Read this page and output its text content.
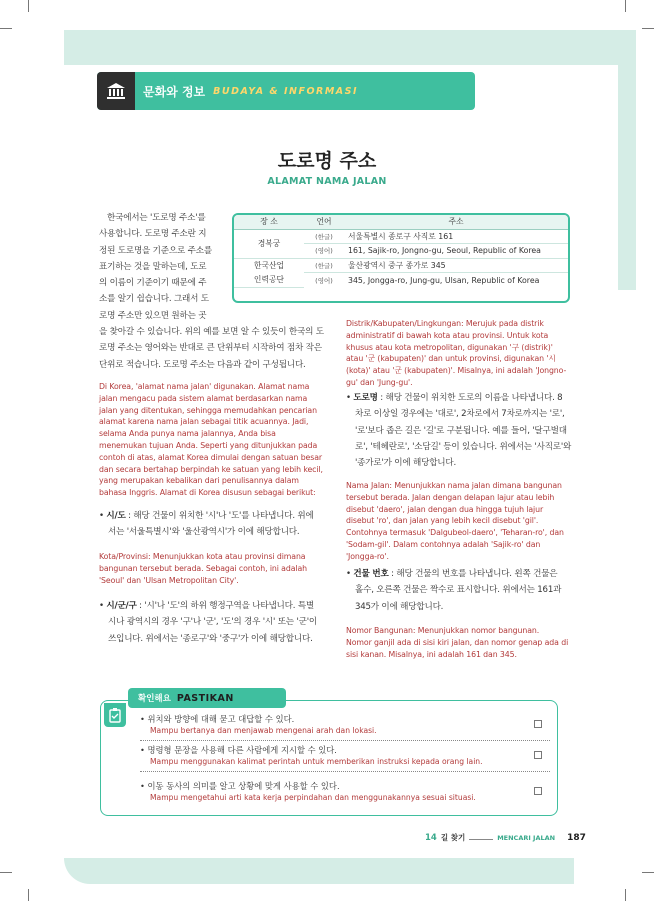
문화와 정보 BUDAYA & INFORMASI
도로명 주소
ALAMAT NAMA JALAN
한국에서는 '도로명 주소'를
사용합니다. 도로명 주소란 지
정된 도로명을 기준으로 주소를
표기하는 것을 말하는데, 도로
의 이름이 기준이기 때문에 주
소를 알기 쉽습니다. 그래서 도
로명 주소만 있으면 원하는 곳
장 소	언어	주소
경복궁	(한글)	서울특별시 종로구 사직로 161
	(영어)	161, Sajik-ro, Jongno-gu, Seoul, Republic of Korea
한국산업
인력공단	(한글)	울산광역시 중구 종가로 345
	(영어)	345, Jongga-ro, Jung-gu, Ulsan, Republic of Korea
을 찾아갈 수 있습니다. 위의 예를 보면 알 수 있듯이 한국의 도
로명 주소는 영어와는 반대로 큰 단위부터 시작하여 점차 작은
단위로 적습니다. 도로명 주소는 다음과 같이 구성됩니다.
Di Korea, 'alamat nama jalan' digunakan. Alamat nama
jalan mengacu pada sistem alamat berdasarkan nama
jalan yang ditentukan, sehingga memudahkan pencarian
alamat karena nama jalan sebagai titik acuannya. Jadi,
selama Anda punya nama jalannya, Anda bisa
menemukan tujuan Anda. Seperti yang ditunjukkan pada
contoh di atas, alamat Korea dimulai dengan satuan besar
dan secara bertahap berpindah ke satuan yang lebih kecil,
yang merupakan kebalikan dari penulisannya dalam
bahasa Inggris. Alamat di Korea disusun sebagai berikut:
• 시/도 : 해당 건물이 위치한 '시'나 '도'를 나타냅니다. 위에
서는 '서울특별시'와 '울산광역시'가 이에 해당합니다.
Kota/Provinsi: Menunjukkan kota atau provinsi dimana
bangunan tersebut berada. Sebagai contoh, ini adalah
'Seoul' dan 'Ulsan Metropolitan City'.
• 시/군/구 : '시'나 '도'의 하위 행정구역을 나타냅니다. 특별
시나 광역시의 경우 '구'나 '군', '도'의 경우 '시' 또는 '군'이
쓰입니다. 위에서는 '종로구'와 '중구'가 이에 해당합니다.
Distrik/Kabupaten/Lingkungan: Merujuk pada distrik
administratif di bawah kota atau provinsi. Untuk kota
khusus atau kota metropolitan, digunakan '구 (distrik)'
atau '군 (kabupaten)' dan untuk provinsi, digunakan '시
(kota)' atau '군 (kabupaten)'. Misalnya, ini adalah 'Jongno-
gu' dan 'Jung-gu'.
• 도로명 : 해당 건물이 위치한 도로의 이름을 나타냅니다. 8
차로 이상일 경우에는 '대로', 2차로에서 7차로까지는 '로',
'로'보다 좁은 길은 '길'로 구분됩니다. 예를 들어, '달구벌대
로', '테헤란로', '소담길' 등이 있습니다. 위에서는 '사직로'와
'종가로'가 이에 해당합니다.
Nama Jalan: Menunjukkan nama jalan dimana bangunan
tersebut berada. Jalan dengan delapan lajur atau lebih
disebut 'daero', jalan dengan dua hingga tujuh lajur
disebut 'ro', dan jalan yang lebih kecil disebut 'gil'.
Contohnya termasuk 'Dalgubeol-daero', 'Teharan-ro', dan
'Sodam-gil'. Dalam contohnya adalah 'Sajik-ro' dan
'Jongga-ro'.
• 건물 번호 : 해당 건물의 번호를 나타냅니다. 왼쪽 건물은
홀수, 오른쪽 건물은 짝수로 표시합니다. 위에서는 161과
345가 이에 해당합니다.
Nomor Bangunan: Menunjukkan nomor bangunan.
Nomor ganjil ada di sisi kiri jalan, dan nomor genap ada di
sisi kanan. Misalnya, ini adalah 161 dan 345.
확인해요 PASTIKAN
• 위치와 방향에 대해 묻고 대답할 수 있다.
Mampu bertanya dan menjawab mengenai arah dan lokasi.
• 명령형 문장을 사용해 다른 사람에게 지시할 수 있다.
Mampu menggunakan kalimat perintah untuk memberikan instruksi kepada orang lain.
• 이동 동사의 의미를 알고 상황에 맞게 사용할 수 있다.
Mampu mengetahui arti kata kerja perpindahan dan menggunakannya sesuai situasi.
14 길 찾기	MENCARI JALAN 187
